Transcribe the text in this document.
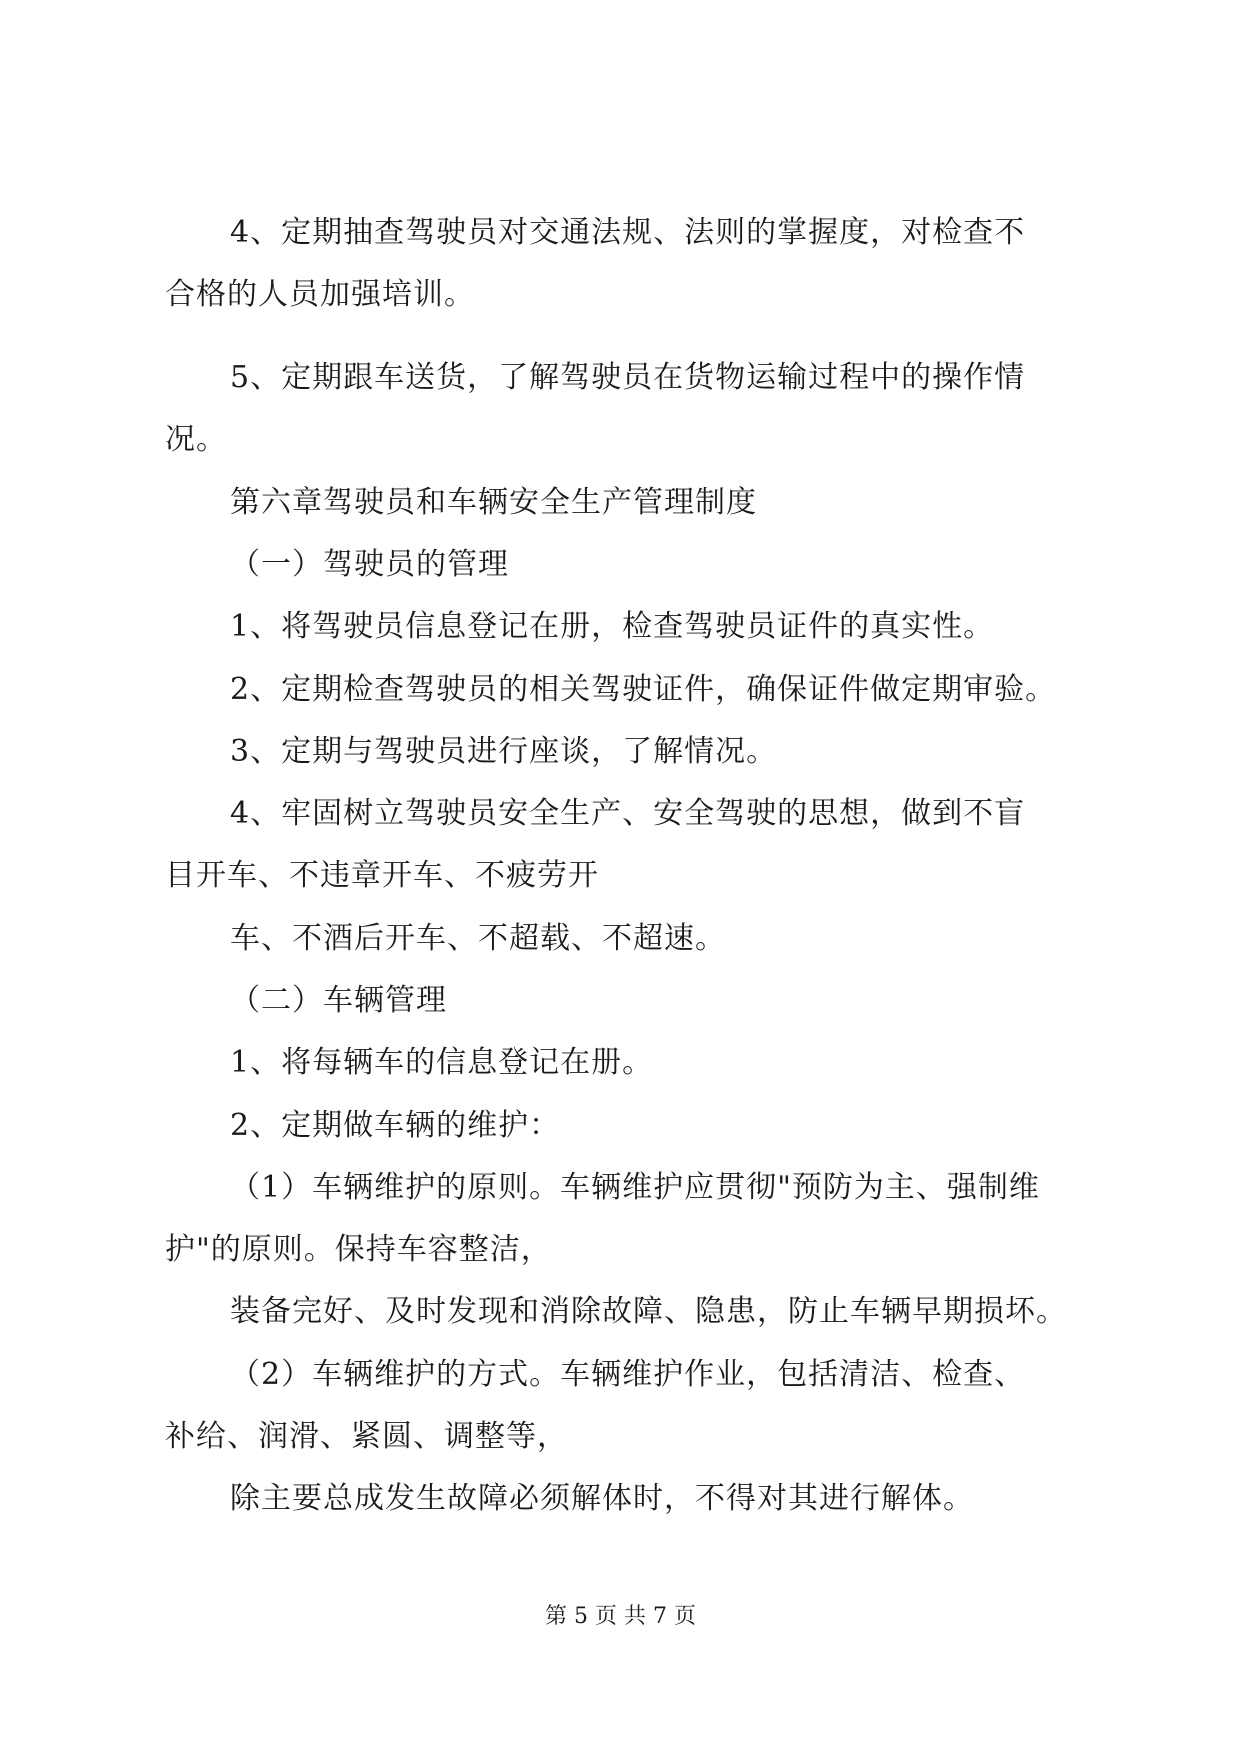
4、定期抽查驾驶员对交通法规、法则的掌握度，对检查不
合格的人员加强培训。
5、定期跟车送货，了解驾驶员在货物运输过程中的操作情
况。
第六章驾驶员和车辆安全生产管理制度
（一）驾驶员的管理
1、将驾驶员信息登记在册，检查驾驶员证件的真实性。
2、定期检查驾驶员的相关驾驶证件，确保证件做定期审验。
3、定期与驾驶员进行座谈，了解情况。
4、牢固树立驾驶员安全生产、安全驾驶的思想，做到不盲
目开车、不违章开车、不疲劳开
车、不酒后开车、不超载、不超速。
（二）车辆管理
1、将每辆车的信息登记在册。
2、定期做车辆的维护：
（1）车辆维护的原则。车辆维护应贯彻"预防为主、强制维
护"的原则。保持车容整洁，
装备完好、及时发现和消除故障、隐患，防止车辆早期损坏。
（2）车辆维护的方式。车辆维护作业，包括清洁、检查、
补给、润滑、紧圆、调整等，
除主要总成发生故障必须解体时，不得对其进行解体。
第 5 页 共 7 页
